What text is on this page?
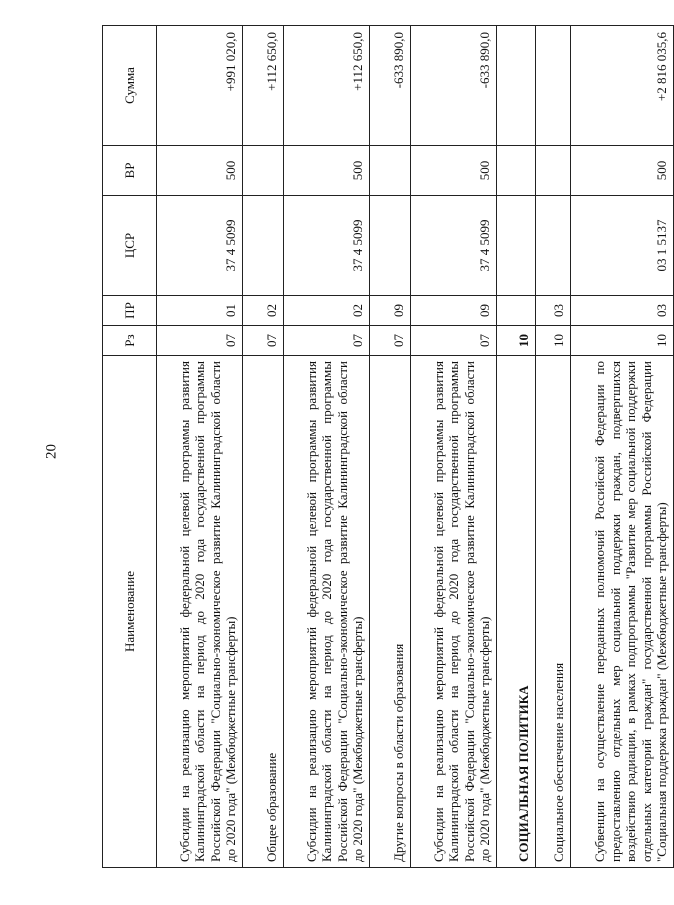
20
Наименование	Рз	ПР	ЦСР	ВР	Сумма
Субсидии на реализацию мероприятий федеральной целевой программы развития Калининградской области на период до 2020 года государственной программы Российской Федерации "Социально-экономическое развитие Калининградской области до 2020 года" (Межбюджетные трансферты)	07	01	37 4 5099	500	+991 020,0
Общее образование	07	02			+112 650,0
Субсидии на реализацию мероприятий федеральной целевой программы развития Калининградской области на период до 2020 года государственной программы Российской Федерации "Социально-экономическое развитие Калининградской области до 2020 года" (Межбюджетные трансферты)	07	02	37 4 5099	500	+112 650,0
Другие вопросы в области образования	07	09			-633 890,0
Субсидии на реализацию мероприятий федеральной целевой программы развития Калининградской области на период до 2020 года государственной программы Российской Федерации "Социально-экономическое развитие Калининградской области до 2020 года" (Межбюджетные трансферты)	07	09	37 4 5099	500	-633 890,0
СОЦИАЛЬНАЯ ПОЛИТИКА	10				
Социальное обеспечение населения	10	03			
Субвенции на осуществление переданных полномочий Российской Федерации по предоставлению отдельных мер социальной поддержки граждан, подвергшихся воздействию радиации, в рамках подпрограммы "Развитие мер социальной поддержки отдельных категорий граждан" государственной программы Российской Федерации "Социальная поддержка граждан" (Межбюджетные трансферты)	10	03	03 1 5137	500	+2 816 035,6
